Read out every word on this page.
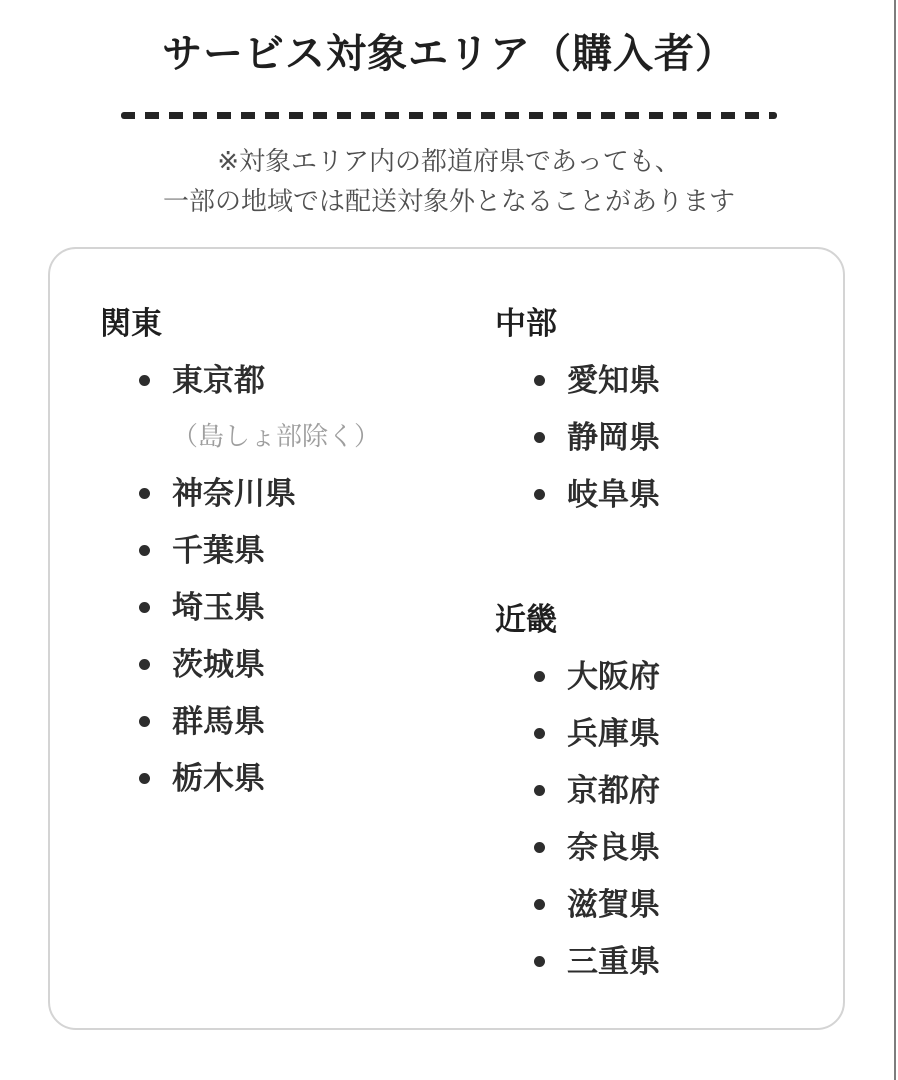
サービス対象エリア（購入者）

※対象エリア内の都道府県であっても、
一部の地域では配送対象外となることがあります

関東
東京都
（島しょ部除く）
神奈川県
千葉県
埼玉県
茨城県
群馬県
栃木県
中部
愛知県
静岡県
岐阜県
近畿
大阪府
兵庫県
京都府
奈良県
滋賀県
三重県
